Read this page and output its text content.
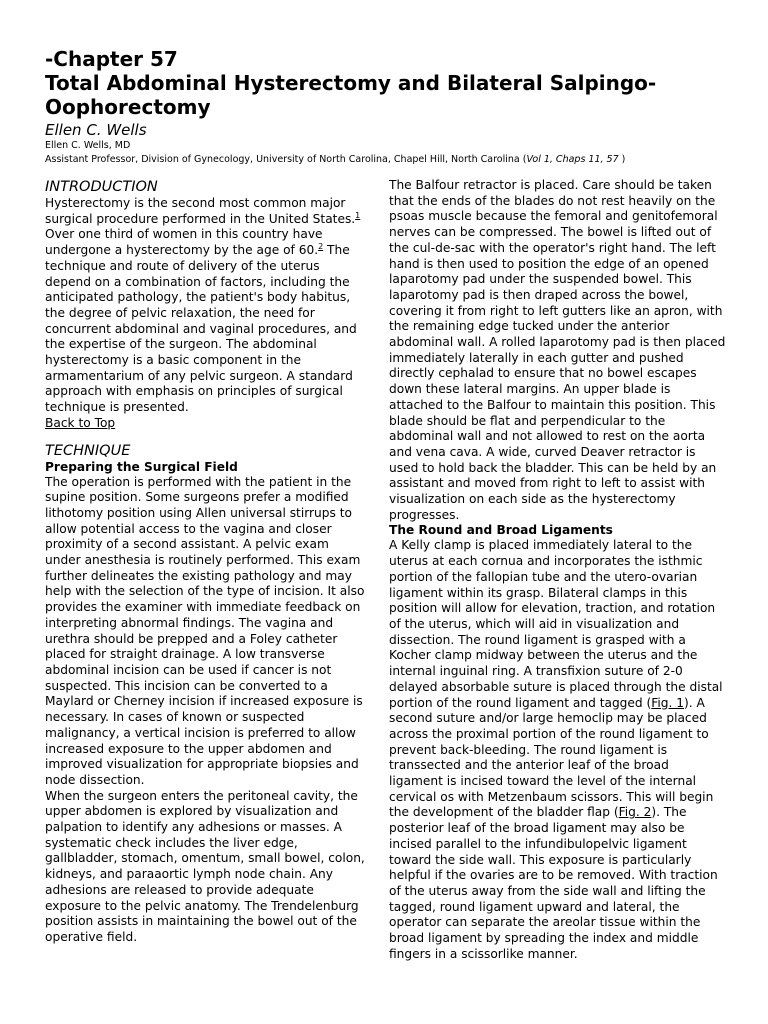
-Chapter 57

Total Abdominal Hysterectomy and Bilateral Salpingo-
Oophorectomy

Ellen C. Wells

Ellen C. Wells, MD

Assistant Professor, Division of Gynecology, University of North Carolina, Chapel Hill, North Carolina (Vol 1, Chaps 11, 57 )

INTRODUCTION

Hysterectomy is the second most common major surgical procedure performed in the United States.$^1$ Over one third of women in this country have undergone a hysterectomy by the age of 60.$^2$ The technique and route of delivery of the uterus depend on a combination of factors, including the anticipated pathology, the patient's body habitus, the degree of pelvic relaxation, the need for concurrent abdominal and vaginal procedures, and the expertise of the surgeon. The abdominal hysterectomy is a basic component in the armamentarium of any pelvic surgeon. A standard approach with emphasis on principles of surgical technique is presented.

Back to Top

TECHNIQUE

Preparing the Surgical Field

The operation is performed with the patient in the supine position. Some surgeons prefer a modified lithotomy position using Allen universal stirrups to allow potential access to the vagina and closer proximity of a second assistant. A pelvic exam under anesthesia is routinely performed. This exam further delineates the existing pathology and may help with the selection of the type of incision. It also provides the examiner with immediate feedback on interpreting abnormal findings. The vagina and urethra should be prepped and a Foley catheter placed for straight drainage. A low transverse abdominal incision can be used if cancer is not suspected. This incision can be converted to a Maylard or Cherney incision if increased exposure is necessary. In cases of known or suspected malignancy, a vertical incision is preferred to allow increased exposure to the upper abdomen and improved visualization for appropriate biopsies and node dissection.

When the surgeon enters the peritoneal cavity, the upper abdomen is explored by visualization and palpation to identify any adhesions or masses. A systematic check includes the liver edge, gallbladder, stomach, omentum, small bowel, colon, kidneys, and paraaortic lymph node chain. Any adhesions are released to provide adequate exposure to the pelvic anatomy. The Trendelenburg position assists in maintaining the bowel out of the operative field.

The Balfour retractor is placed. Care should be taken that the ends of the blades do not rest heavily on the psoas muscle because the femoral and genitofemoral nerves can be compressed. The bowel is lifted out of the cul-de-sac with the operator's right hand. The left hand is then used to position the edge of an opened laparotomy pad under the suspended bowel. This laparotomy pad is then draped across the bowel, covering it from right to left gutters like an apron, with the remaining edge tucked under the anterior abdominal wall. A rolled laparotomy pad is then placed immediately laterally in each gutter and pushed directly cephalad to ensure that no bowel escapes down these lateral margins. An upper blade is attached to the Balfour to maintain this position. This blade should be flat and perpendicular to the abdominal wall and not allowed to rest on the aorta and vena cava. A wide, curved Deaver retractor is used to hold back the bladder. This can be held by an assistant and moved from right to left to assist with visualization on each side as the hysterectomy progresses.

The Round and Broad Ligaments

A Kelly clamp is placed immediately lateral to the uterus at each cornua and incorporates the isthmic portion of the fallopian tube and the utero-ovarian ligament within its grasp. Bilateral clamps in this position will allow for elevation, traction, and rotation of the uterus, which will aid in visualization and dissection. The round ligament is grasped with a Kocher clamp midway between the uterus and the internal inguinal ring. A transfixion suture of 2-0 delayed absorbable suture is placed through the distal portion of the round ligament and tagged (Fig. 1). A second suture and/or large hemoclip may be placed across the proximal portion of the round ligament to prevent back-bleeding. The round ligament is transsected and the anterior leaf of the broad ligament is incised toward the level of the internal cervical os with Metzenbaum scissors. This will begin the development of the bladder flap (Fig. 2). The posterior leaf of the broad ligament may also be incised parallel to the infundibulopelvic ligament toward the side wall. This exposure is particularly helpful if the ovaries are to be removed. With traction of the uterus away from the side wall and lifting the tagged, round ligament upward and lateral, the operator can separate the areolar tissue within the broad ligament by spreading the index and middle fingers in a scissorlike manner.
